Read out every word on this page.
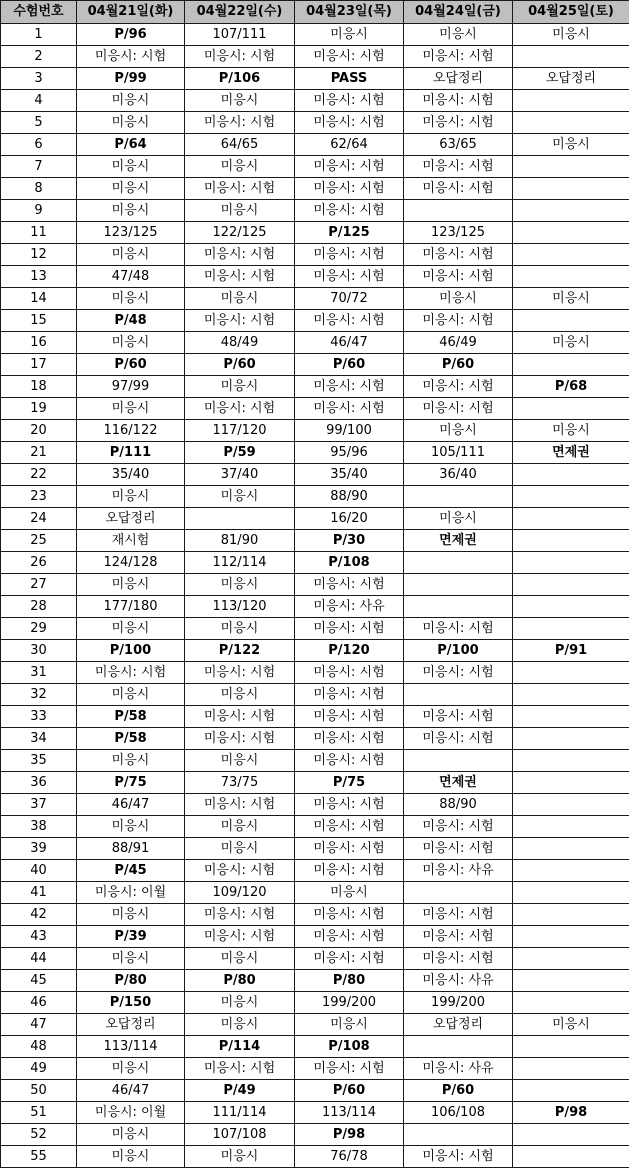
수험번호	04월21일(화)	04월22일(수)	04월23일(목)	04월24일(금)	04월25일(토)
1	P/96	107/111	미응시	미응시	미응시
2	미응시: 시험	미응시: 시험	미응시: 시험	미응시: 시험	
3	P/99	P/106	PASS	오답정리	오답정리
4	미응시	미응시	미응시: 시험	미응시: 시험	
5	미응시	미응시: 시험	미응시: 시험	미응시: 시험	
6	P/64	64/65	62/64	63/65	미응시
7	미응시	미응시	미응시: 시험	미응시: 시험	
8	미응시	미응시: 시험	미응시: 시험	미응시: 시험	
9	미응시	미응시	미응시: 시험		
11	123/125	122/125	P/125	123/125	
12	미응시	미응시: 시험	미응시: 시험	미응시: 시험	
13	47/48	미응시: 시험	미응시: 시험	미응시: 시험	
14	미응시	미응시	70/72	미응시	미응시
15	P/48	미응시: 시험	미응시: 시험	미응시: 시험	
16	미응시	48/49	46/47	46/49	미응시
17	P/60	P/60	P/60	P/60	
18	97/99	미응시	미응시: 시험	미응시: 시험	P/68
19	미응시	미응시: 시험	미응시: 시험	미응시: 시험	
20	116/122	117/120	99/100	미응시	미응시
21	P/111	P/59	95/96	105/111	면제권
22	35/40	37/40	35/40	36/40	
23	미응시	미응시	88/90		
24	오답정리		16/20	미응시	
25	재시험	81/90	P/30	면제권	
26	124/128	112/114	P/108		
27	미응시	미응시	미응시: 시험		
28	177/180	113/120	미응시: 사유		
29	미응시	미응시	미응시: 시험	미응시: 시험	
30	P/100	P/122	P/120	P/100	P/91
31	미응시: 시험	미응시: 시험	미응시: 시험	미응시: 시험	
32	미응시	미응시	미응시: 시험		
33	P/58	미응시: 시험	미응시: 시험	미응시: 시험	
34	P/58	미응시: 시험	미응시: 시험	미응시: 시험	
35	미응시	미응시	미응시: 시험		
36	P/75	73/75	P/75	면제권	
37	46/47	미응시: 시험	미응시: 시험	88/90	
38	미응시	미응시	미응시: 시험	미응시: 시험	
39	88/91	미응시	미응시: 시험	미응시: 시험	
40	P/45	미응시: 시험	미응시: 시험	미응시: 사유	
41	미응시: 이월	109/120	미응시		
42	미응시	미응시: 시험	미응시: 시험	미응시: 시험	
43	P/39	미응시: 시험	미응시: 시험	미응시: 시험	
44	미응시	미응시	미응시: 시험	미응시: 시험	
45	P/80	P/80	P/80	미응시: 사유	
46	P/150	미응시	199/200	199/200	
47	오답정리	미응시	미응시	오답정리	미응시
48	113/114	P/114	P/108		
49	미응시	미응시: 시험	미응시: 시험	미응시: 사유	
50	46/47	P/49	P/60	P/60	
51	미응시: 이월	111/114	113/114	106/108	P/98
52	미응시	107/108	P/98		
55	미응시	미응시	76/78	미응시: 시험	
